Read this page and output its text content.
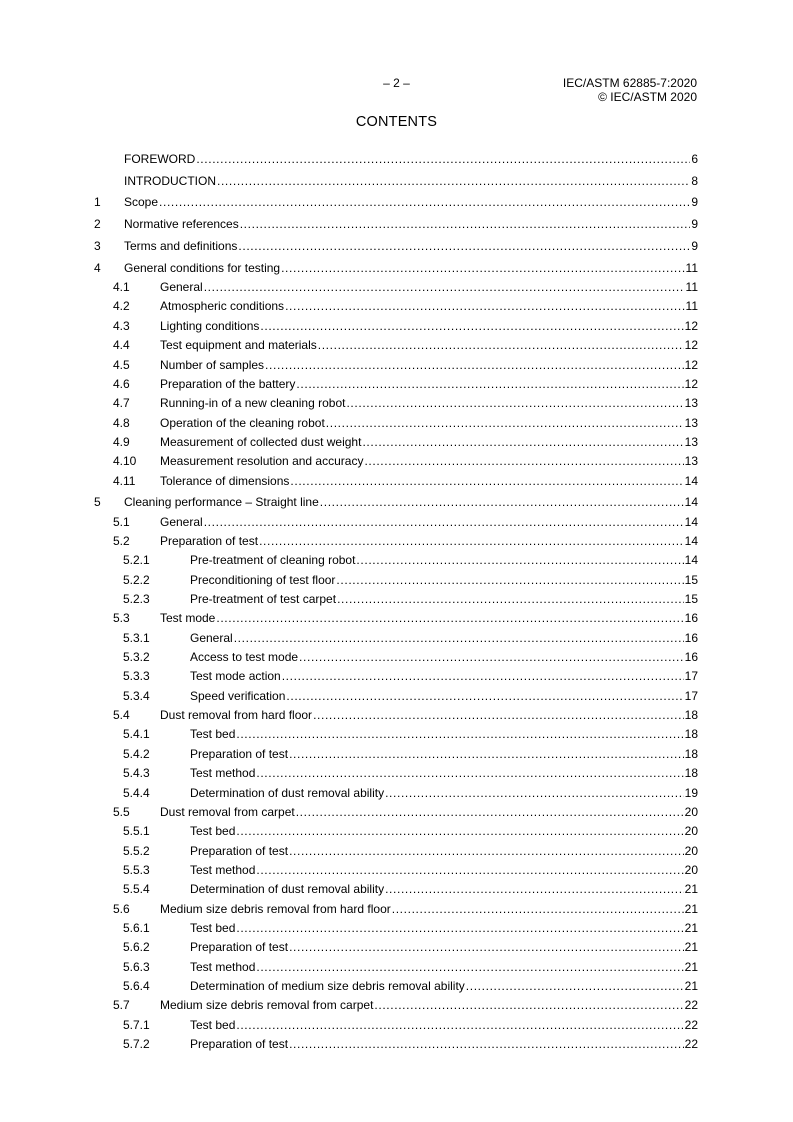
– 2 –	IEC/ASTM 62885-7:2020
© IEC/ASTM 2020
CONTENTS
FOREWORD . . .	6
INTRODUCTION . . .	8
1	Scope . . .	9
2	Normative references . . .	9
3	Terms and definitions . . .	9
4	General conditions for testing . . .	11
4.1	General . . .	11
4.2	Atmospheric conditions . . .	11
4.3	Lighting conditions . . .	12
4.4	Test equipment and materials . . .	12
4.5	Number of samples . . .	12
4.6	Preparation of the battery . . .	12
4.7	Running-in of a new cleaning robot . . .	13
4.8	Operation of the cleaning robot . . .	13
4.9	Measurement of collected dust weight . . .	13
4.10	Measurement resolution and accuracy . . .	13
4.11	Tolerance of dimensions . . .	14
5	Cleaning performance – Straight line . . .	14
5.1	General . . .	14
5.2	Preparation of test . . .	14
5.2.1	Pre-treatment of cleaning robot . . .	14
5.2.2	Preconditioning of test floor . . .	15
5.2.3	Pre-treatment of test carpet . . .	15
5.3	Test mode . . .	16
5.3.1	General . . .	16
5.3.2	Access to test mode . . .	16
5.3.3	Test mode action . . .	17
5.3.4	Speed verification . . .	17
5.4	Dust removal from hard floor . . .	18
5.4.1	Test bed . . .	18
5.4.2	Preparation of test . . .	18
5.4.3	Test method . . .	18
5.4.4	Determination of dust removal ability . . .	19
5.5	Dust removal from carpet . . .	20
5.5.1	Test bed . . .	20
5.5.2	Preparation of test . . .	20
5.5.3	Test method . . .	20
5.5.4	Determination of dust removal ability . . .	21
5.6	Medium size debris removal from hard floor . . .	21
5.6.1	Test bed . . .	21
5.6.2	Preparation of test . . .	21
5.6.3	Test method . . .	21
5.6.4	Determination of medium size debris removal ability . . .	21
5.7	Medium size debris removal from carpet . . .	22
5.7.1	Test bed . . .	22
5.7.2	Preparation of test . . .	22
